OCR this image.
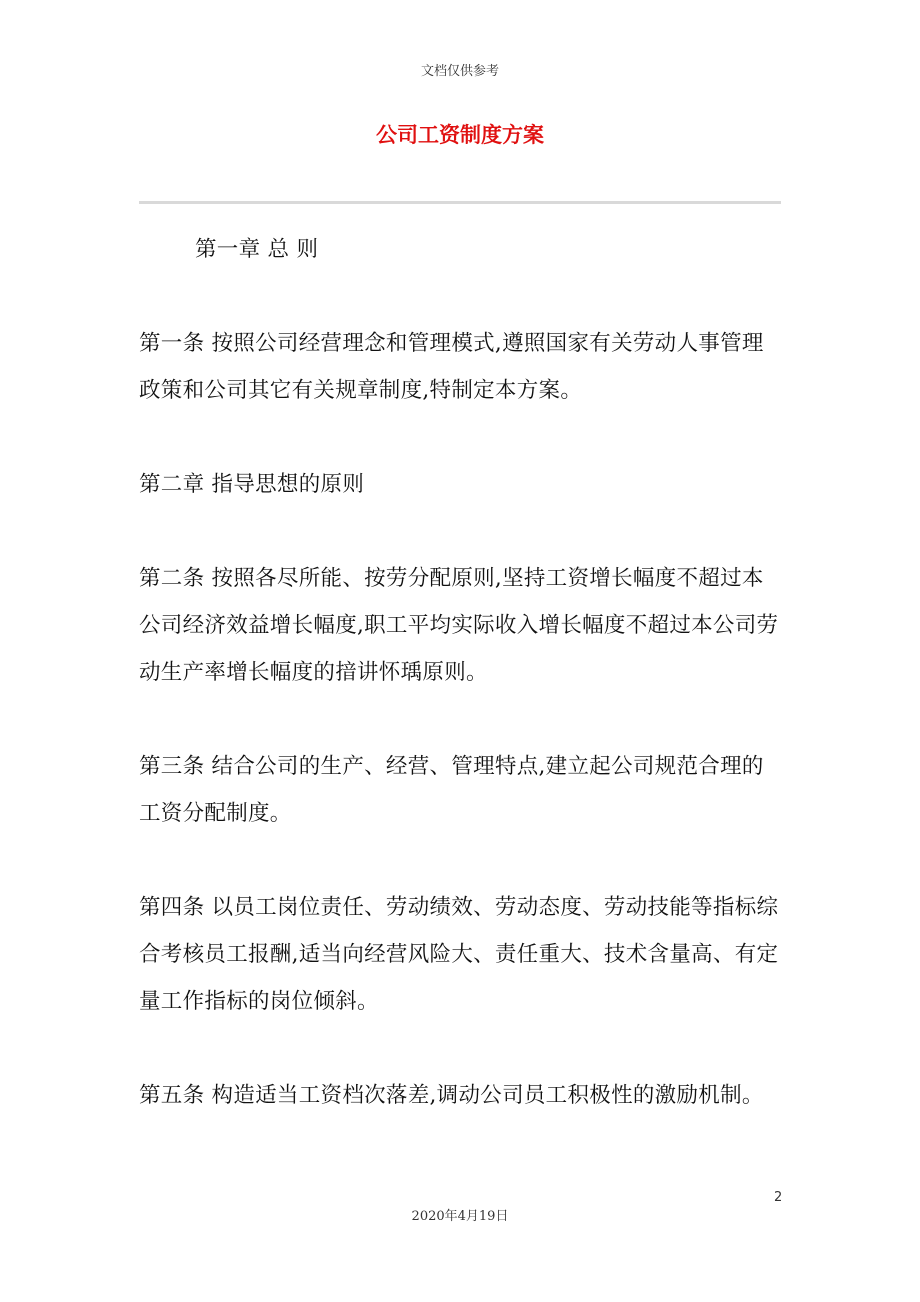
文档仅供参考
公司工资制度方案

第一章 总 则

第一条 按照公司经营理念和管理模式,遵照国家有关劳动人事管理政策和公司其它有关规章制度,特制定本方案。

第二章 指导思想的原则

第二条 按照各尽所能、按劳分配原则,坚持工资增长幅度不超过本公司经济效益增长幅度,职工平均实际收入增长幅度不超过本公司劳动生产率增长幅度的揞讲怀瑀原则。

第三条 结合公司的生产、经营、管理特点,建立起公司规范合理的工资分配制度。

第四条 以员工岗位责任、劳动绩效、劳动态度、劳动技能等指标综合考核员工报酬,适当向经营风险大、责任重大、技术含量高、有定量工作指标的岗位倾斜。

第五条 构造适当工资档次落差,调动公司员工积极性的激励机制。

2
2020年4月19日
